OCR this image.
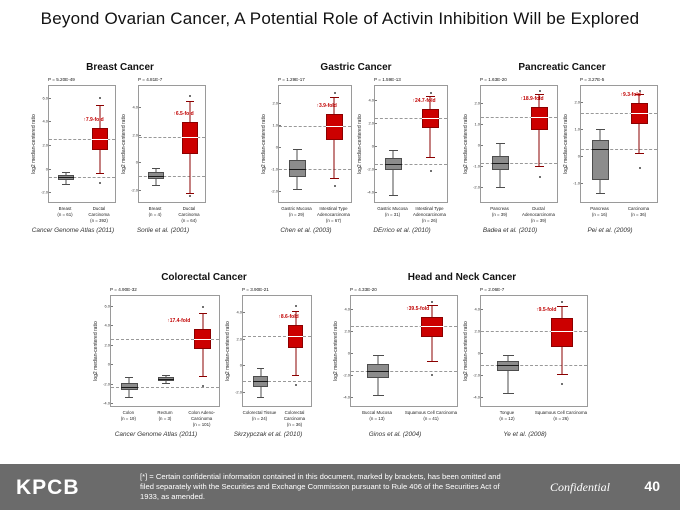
Beyond Ovarian Cancer, A Potential Role of Activin Inhibition Will be Explored
Breast Cancer
P = 5.20E-49
log2 median-centered ratio
6.0
4.0
2.0
0
-2.0
↑7.9-fold
Breast
(n = 61)
Ductal Carcinoma
(n = 392)
Cancer Genome Atlas (2011)
P = 4.81E-7
log2 median-centered ratio
4.0
2.0
0
-2.0
↑6.5-fold
Breast
(n = 4)
Ductal Carcinoma
(n = 64)
Sorlie et al. (2001)
Gastric Cancer
P = 1.29E-17
log2 median-centered ratio
2.0
1.0
0
-1.0
-2.0
↑3.9-fold
Gastric Mucosa
(n = 29)
Intestinal Type Adenocarcinoma
(n = 67)
Chen et al. (2003)
P = 1.59E-13
log2 median-centered ratio
4.0
2.0
0
-2.0
-4.0
↑24.7-fold
Gastric Mucosa
(n = 31)
Intestinal Type Adenocarcinoma
(n = 26)
DErrico et al. (2010)
Pancreatic Cancer
P = 1.63E-20
log2 median-centered ratio
2.0
1.0
0
-1.0
-2.0
↑18.9-fold
Pancreas
(n = 39)
Ductal Adenocarcinoma
(n = 39)
Badea et al. (2010)
P = 3.27E-5
log2 median-centered ratio
2.0
1.0
0
-1.0
↑9.3-fold
Pancreas
(n = 16)
Carcinoma
(n = 36)
Pei et al. (2009)
Colorectal Cancer
P = 4.90E-32
log2 median-centered ratio
6.0
4.0
2.0
0
-2.0
-4.0
↑17.4-fold
Colon
(n = 19)
Rectum
(n = 3)
Colon Adeno-Carcinoma
(n = 101)
Cancer Genome Atlas (2011)
P = 3.90E-21
log2 median-centered ratio
4.0
2.0
0
-2.0
↑8.6-fold
Colorectal Tissue
(n = 24)
Colorectal Carcinoma
(n = 36)
Skrzypczak et al. (2010)
Head and Neck Cancer
P = 4.33E-20
log2 median-centered ratio
4.0
2.0
0
-2.0
-4.0
↑39.5-fold
Buccal Mucosa
(n = 13)
Squamous Cell Carcinoma
(n = 41)
Ginos et al. (2004)
P = 2.06E-7
log2 median-centered ratio
4.0
2.0
0
-2.0
-4.0
↑9.5-fold
Tongue
(n = 12)
Squamous Cell Carcinoma
(n = 26)
Ye et al. (2008)
KPCB	[*] = Certain confidential information contained in this document, marked by brackets, has been omitted and filed separately with the Securities and Exchange Commission pursuant to Rule 406 of the Securities Act of 1933, as amended.
Confidential 40
